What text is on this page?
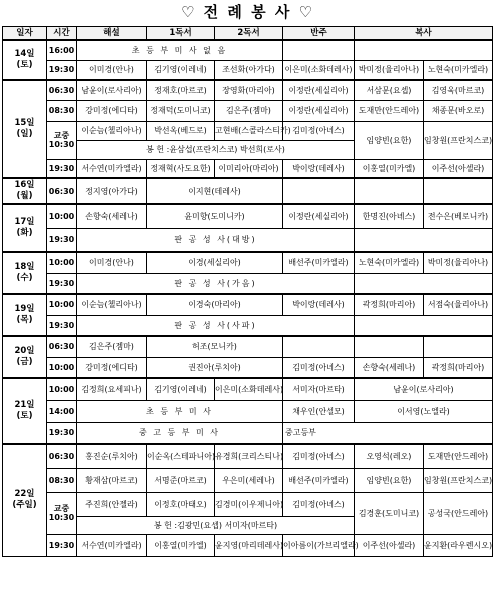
♡ 전 례 봉 사 ♡
일자	시간	해설	1독서	2독서	반주	복사	
14일
(토)	16:00	초 등 부 미 사 없 음					
	19:30	이미경(안나)	김기영(이레네)	조선화(아가다)	이은미(소화데레사)	박미정(율리아나)	노현숙(미카엘라)
15일
(일)	06:30	남윤이(로사리아)	정재호(마르코)	장영화(마리아)	이정란(세실리아)	서삼문(요셉)	김영욱(마르코)
	08:30	강미정(에디타)	정재덕(도미니코)	김은주(젬마)	이정란(세실리아)	도재만(안드레아)	채종문(바오로)
	교중
10:30	이순늠(첼리아나)	박선옥(베드로)	고현배(스콜라스티카)	김미정(아녜스)	임양빈(요한)	임창원(프란치스코)
		봉 헌 :윤삼섭(프란치스코) 박선희(로사)					
	19:30	서수연(미카엘라)	정재혁(사도요한)	이미리아(마리아)	박이랑(데레사)	이홍열(미카엘)	이주선(아셀라)

16일
(월)	06:30	정지영(아가다)	이지현(데레사)				
17일
(화)	10:00	손향숙(세레나)	윤미향(도미니카)		이정란(세실리아)	한명진(아녜스)	전수은(베로니카)
	19:30	판 공 성 사(대방)					
18일
(수)	10:00	이미경(안나)	이경(세실리아)		배선주(미카엘라)	노현숙(미카엘라)	박미정(율리아나)
	19:30	판 공 성 사(가음)					
19일
(목)	10:00	이순늠(첼리아나)	이경숙(마리아)		박이랑(데레사)	곽정희(마리아)	서점숙(율리아나)
	19:30	판 공 성 사(사파)					
20일
(금)	06:30	김은주(젬마)	허조(모니카)				
	10:00	강미정(에디타)	권진아(루치아)		김미정(아녜스)	손향숙(세레나)	곽정희(마리아)
21일
(토)	10:00	김정희(요세피나)	김기영(이레네)	이은미(소화데레사)	서미자(마르타)	남윤이(로사리아)	
	14:00	초 등 부 미 사			채우인(안셀모)	이서영(노엘라)	
	19:30	중 고 등 부 미 사			중고등부		
22일
(주일)	06:30	홍진순(루치아)	이순옥(스테파니아)	유경희(크리스티나)	김미정(아녜스)	오영석(레오)	도재만(안드레아)
	08:30	황재삼(마르코)	서명준(마르코)	우은미(세레나)	배선주(미카엘라)	임양빈(요한)	임창원(프란치스코)
	교중
10:30	주진희(안젤라)	이정호(마태오)	김경미(이우제니아)	김미정(아녜스)	김경훈(도미니코)	공성국(안드레아)
		봉 헌 :김광민(요셉) 서미자(마르타)					
	19:30	서수연(미카엘라)	이홍열(미카엘)	윤지영(마리데레사)	이아름이(가브리엘라)	이주선(아셀라)	윤지환(라우렌시오)
